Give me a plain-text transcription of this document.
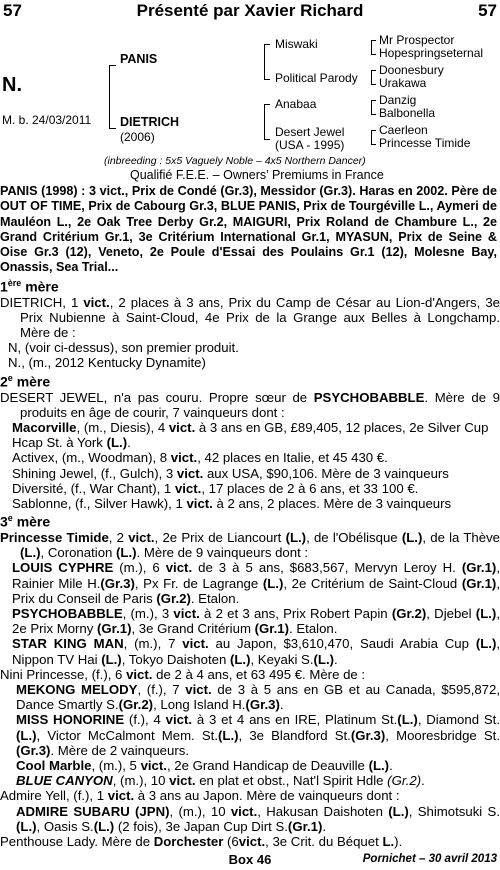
57	Présenté par Xavier Richard	57
N.
M. b. 24/03/2011
PANIS
DIETRICH
(2006)
Miswaki
Political Parody
Anabaa
Desert Jewel
(USA - 1995)
Mr Prospector
Hopespringseternal
Doonesbury
Urakawa
Danzig
Balbonella
Caerleon
Princesse Timide
(inbreeding : 5x5 Vaguely Noble – 4x5 Northern Dancer)
Qualifié F.E.E. – Owners’ Premiums in France

PANIS (1998) : 3 vict., Prix de Condé (Gr.3), Messidor (Gr.3). Haras en 2002. Père de OUT OF TIME, Prix de Cabourg Gr.3, BLUE PANIS, Prix de Tourgéville L., Aymeri de Mauléon L., 2e Oak Tree Derby Gr.2, MAIGURI, Prix Roland de Chambure L., 2e Grand Critérium Gr.1, 3e Critérium International Gr.1, MYASUN, Prix de Seine & Oise Gr.3 (12), Veneto, 2e Poule d'Essai des Poulains Gr.1 (12), Molesne Bay, Onassis, Sea Trial...

1ère mère

DIETRICH, 1 vict., 2 places à 3 ans, Prix du Camp de César au Lion-d'Angers, 3e Prix Nubienne à Saint-Cloud, 4e Prix de la Grange aux Belles à Longchamp. Mère de :

N, (voir ci-dessus), son premier produit.

N., (m., 2012 Kentucky Dynamite)

2e mère

DESERT JEWEL, n'a pas couru. Propre sœur de PSYCHOBABBLE. Mère de 9 produits en âge de courir, 7 vainqueurs dont :

Macorville, (m., Diesis), 4 vict. à 3 ans en GB, £89,405, 12 places, 2e Silver Cup Hcap St. à York (L.).

Activex, (m., Woodman), 8 vict., 42 places en Italie, et 45 430 €.

Shining Jewel, (f., Gulch), 3 vict. aux USA, $90,106. Mère de 3 vainqueurs

Diversité, (f., War Chant), 1 vict., 17 places de 2 à 6 ans, et 33 100 €.

Sablonne, (f., Silver Hawk), 1 vict. à 2 ans, 2 places. Mère de 3 vainqueurs

3e mère

Princesse Timide, 2 vict., 2e Prix de Liancourt (L.), de l'Obélisque (L.), de la Thève (L.), Coronation (L.). Mère de 9 vainqueurs dont :

LOUIS CYPHRE (m.), 6 vict. de 3 à 5 ans, $683,567, Mervyn Leroy H. (Gr.1), Rainier Mile H.(Gr.3), Px Fr. de Lagrange (L.), 2e Critérium de Saint-Cloud (Gr.1), Prix du Conseil de Paris (Gr.2). Etalon.

PSYCHOBABBLE, (m.), 3 vict. à 2 et 3 ans, Prix Robert Papin (Gr.2), Djebel (L.), 2e Prix Morny (Gr.1), 3e Grand Critérium (Gr.1). Etalon.

STAR KING MAN, (m.), 7 vict. au Japon, $3,610,470, Saudi Arabia Cup (L.), Nippon TV Hai (L.), Tokyo Daishoten (L.), Keyaki S.(L.).

Nini Princesse, (f.), 6 vict. de 2 à 4 ans, et 63 495 €. Mère de :

MEKONG MELODY, (f.), 7 vict. de 3 à 5 ans en GB et au Canada, $595,872, Dance Smartly S.(Gr.2), Long Island H.(Gr.3).

MISS HONORINE (f.), 4 vict. à 3 et 4 ans en IRE, Platinum St.(L.), Diamond St.(L.), Victor McCalmont Mem. St.(L.), 3e Blandford St.(Gr.3), Mooresbridge St.(Gr.3). Mère de 2 vainqueurs.

Cool Marble, (m.), 5 vict., 2e Grand Handicap de Deauville (L.).

BLUE CANYON, (m.), 10 vict. en plat et obst., Nat'l Spirit Hdle (Gr.2).

Admire Yell, (f.), 1 vict. à 3 ans au Japon. Mère de vainqueurs dont :

ADMIRE SUBARU (JPN), (m.), 10 vict., Hakusan Daishoten (L.), Shimotsuki S.(L.), Oasis S.(L.) (2 fois), 3e Japan Cup Dirt S.(Gr.1).

Penthouse Lady. Mère de Dorchester (6vict., 3e Crit. du Béquet L.).

Box 46	Pornichet – 30 avril 2013
